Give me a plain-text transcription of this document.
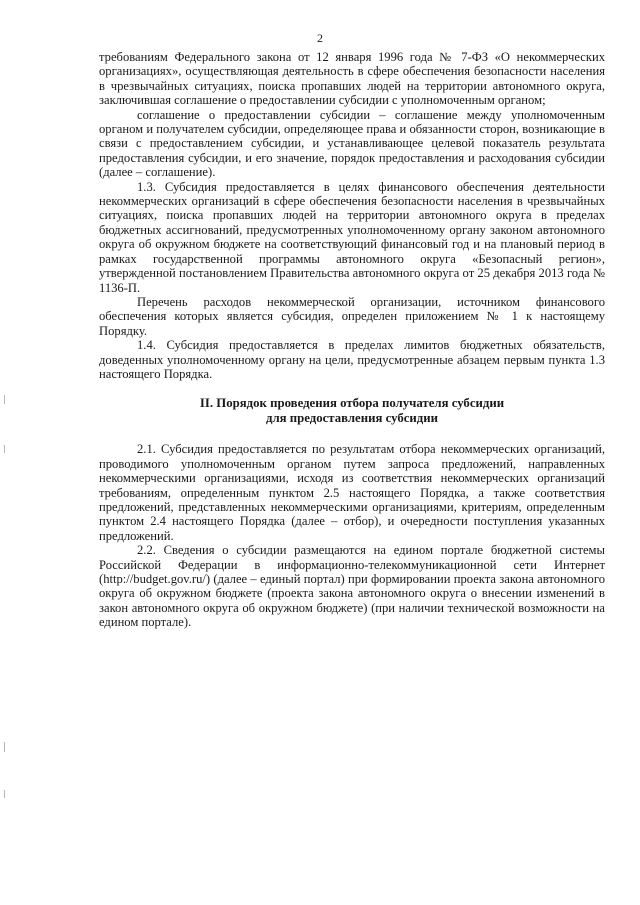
2

требованиям Федерального закона от 12 января 1996 года № 7-ФЗ «О некоммерческих организациях», осуществляющая деятельность в сфере обеспечения безопасности населения в чрезвычайных ситуациях, поиска пропавших людей на территории автономного округа, заключившая соглашение о предоставлении субсидии с уполномоченным органом;

соглашение о предоставлении субсидии – соглашение между уполномоченным органом и получателем субсидии, определяющее права и обязанности сторон, возникающие в связи с предоставлением субсидии, и устанавливающее целевой показатель результата предоставления субсидии, и его значение, порядок предоставления и расходования субсидии (далее – соглашение).

1.3. Субсидия предоставляется в целях финансового обеспечения деятельности некоммерческих организаций в сфере обеспечения безопасности населения в чрезвычайных ситуациях, поиска пропавших людей на территории автономного округа в пределах бюджетных ассигнований, предусмотренных уполномоченному органу законом автономного округа об окружном бюджете на соответствующий финансовый год и на плановый период в рамках государственной программы автономного округа «Безопасный регион», утвержденной постановлением Правительства автономного округа от 25 декабря 2013 года № 1136-П.

Перечень расходов некоммерческой организации, источником финансового обеспечения которых является субсидия, определен приложением № 1 к настоящему Порядку.

1.4. Субсидия предоставляется в пределах лимитов бюджетных обязательств, доведенных уполномоченному органу на цели, предусмотренные абзацем первым пункта 1.3 настоящего Порядка.

II. Порядок проведения отбора получателя субсидии
для предоставления субсидии

2.1. Субсидия предоставляется по результатам отбора некоммерческих организаций, проводимого уполномоченным органом путем запроса предложений, направленных некоммерческими организациями, исходя из соответствия некоммерческих организаций требованиям, определенным пунктом 2.5 настоящего Порядка, а также соответствия предложений, представленных некоммерческими организациями, критериям, определенным пунктом 2.4 настоящего Порядка (далее – отбор), и очередности поступления указанных предложений.

2.2. Сведения о субсидии размещаются на едином портале бюджетной системы Российской Федерации в информационно-телекоммуникационной сети Интернет (http://budget.gov.ru/) (далее – единый портал) при формировании проекта закона автономного округа об окружном бюджете (проекта закона автономного округа о внесении изменений в закон автономного округа об окружном бюджете) (при наличии технической возможности на едином портале).
